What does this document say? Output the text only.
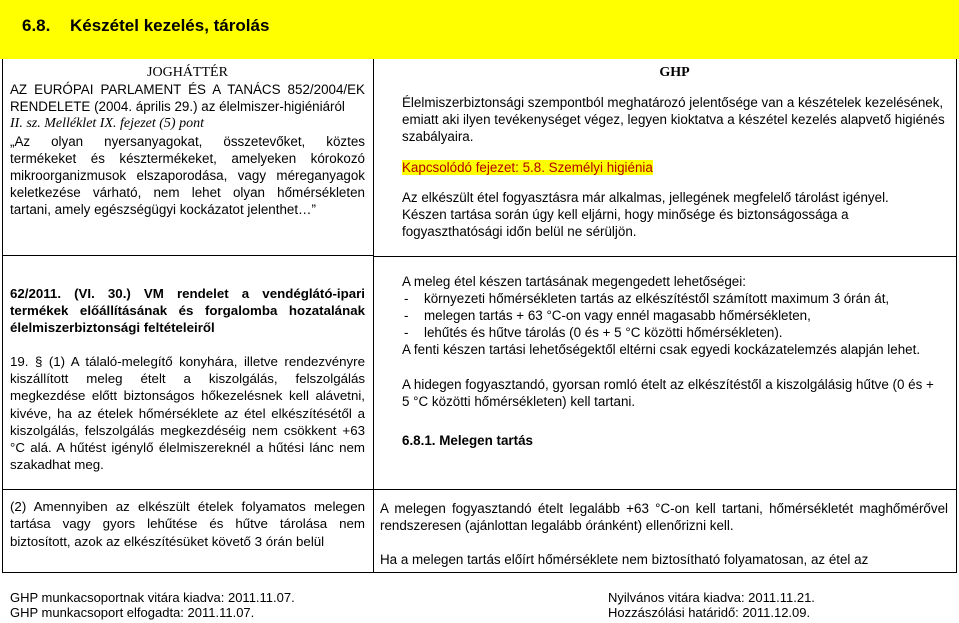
6.8. Készétel kezelés, tárolás
JOGHÁTTÉR
AZ EURÓPAI PARLAMENT ÉS A TANÁCS 852/2004/EK RENDELETE (2004. április 29.) az élelmiszer-higiéniáról
II. sz. Melléklet IX. fejezet (5) pont
„Az olyan nyersanyagokat, összetevőket, köztes termékeket és késztermékeket, amelyeken kórokozó mikroorganizmusok elszaporodása, vagy méreganyagok keletkezése várható, nem lehet olyan hőmérsékleten tartani, amely egészségügyi kockázatot jelenthet…”
62/2011. (VI. 30.) VM rendelet a vendéglátó-ipari termékek előállításának és forgalomba hozatalának élelmiszerbiztonsági feltételeiről
19. § (1) A tálaló-melegítő konyhára, illetve rendezvényre kiszállított meleg ételt a kiszolgálás, felszolgálás megkezdése előtt biztonságos hőkezelésnek kell alávetni, kivéve, ha az ételek hőmérséklete az étel elkészítésétől a kiszolgálás, felszolgálás megkezdéséig nem csökkent +63 °C alá. A hűtést igénylő élelmiszereknél a hűtési lánc nem szakadhat meg.
(2) Amennyiben az elkészült ételek folyamatos melegen tartása vagy gyors lehűtése és hűtve tárolása nem biztosított, azok az elkészítésüket követő 3 órán belül
GHP
Élelmiszerbiztonsági szempontból meghatározó jelentősége van a készételek kezelésének, emiatt aki ilyen tevékenységet végez, legyen kioktatva a készétel kezelés alapvető higiénés szabályaira.
Kapcsolódó fejezet: 5.8. Személyi higiénia
Az elkészült étel fogyasztásra már alkalmas, jellegének megfelelő tárolást igényel.
Készen tartása során úgy kell eljárni, hogy minősége és biztonságossága a fogyaszthatósági időn belül ne sérüljön.
A meleg étel készen tartásának megengedett lehetőségei:
- környezeti hőmérsékleten tartás az elkészítéstől számított maximum 3 órán át,
- melegen tartás + 63 °C-on vagy ennél magasabb hőmérsékleten,
- lehűtés és hűtve tárolás (0 és + 5 °C közötti hőmérsékleten).
A fenti készen tartási lehetőségektől eltérni csak egyedi kockázatelemzés alapján lehet.
A hidegen fogyasztandó, gyorsan romló ételt az elkészítéstől a kiszolgálásig hűtve (0 és + 5 °C közötti hőmérsékleten) kell tartani.
6.8.1. Melegen tartás
A melegen fogyasztandó ételt legalább +63 °C-on kell tartani, hőmérsékletét maghőmérővel rendszeresen (ajánlottan legalább óránként) ellenőrizni kell.
Ha a melegen tartás előírt hőmérséklete nem biztosítható folyamatosan, az étel az
GHP munkacsoportnak vitára kiadva: 2011.11.07.
GHP munkacsoport elfogadta: 2011.11.07.
Nyilvános vitára kiadva: 2011.11.21.
Hozzászólási határidő: 2011.12.09.
